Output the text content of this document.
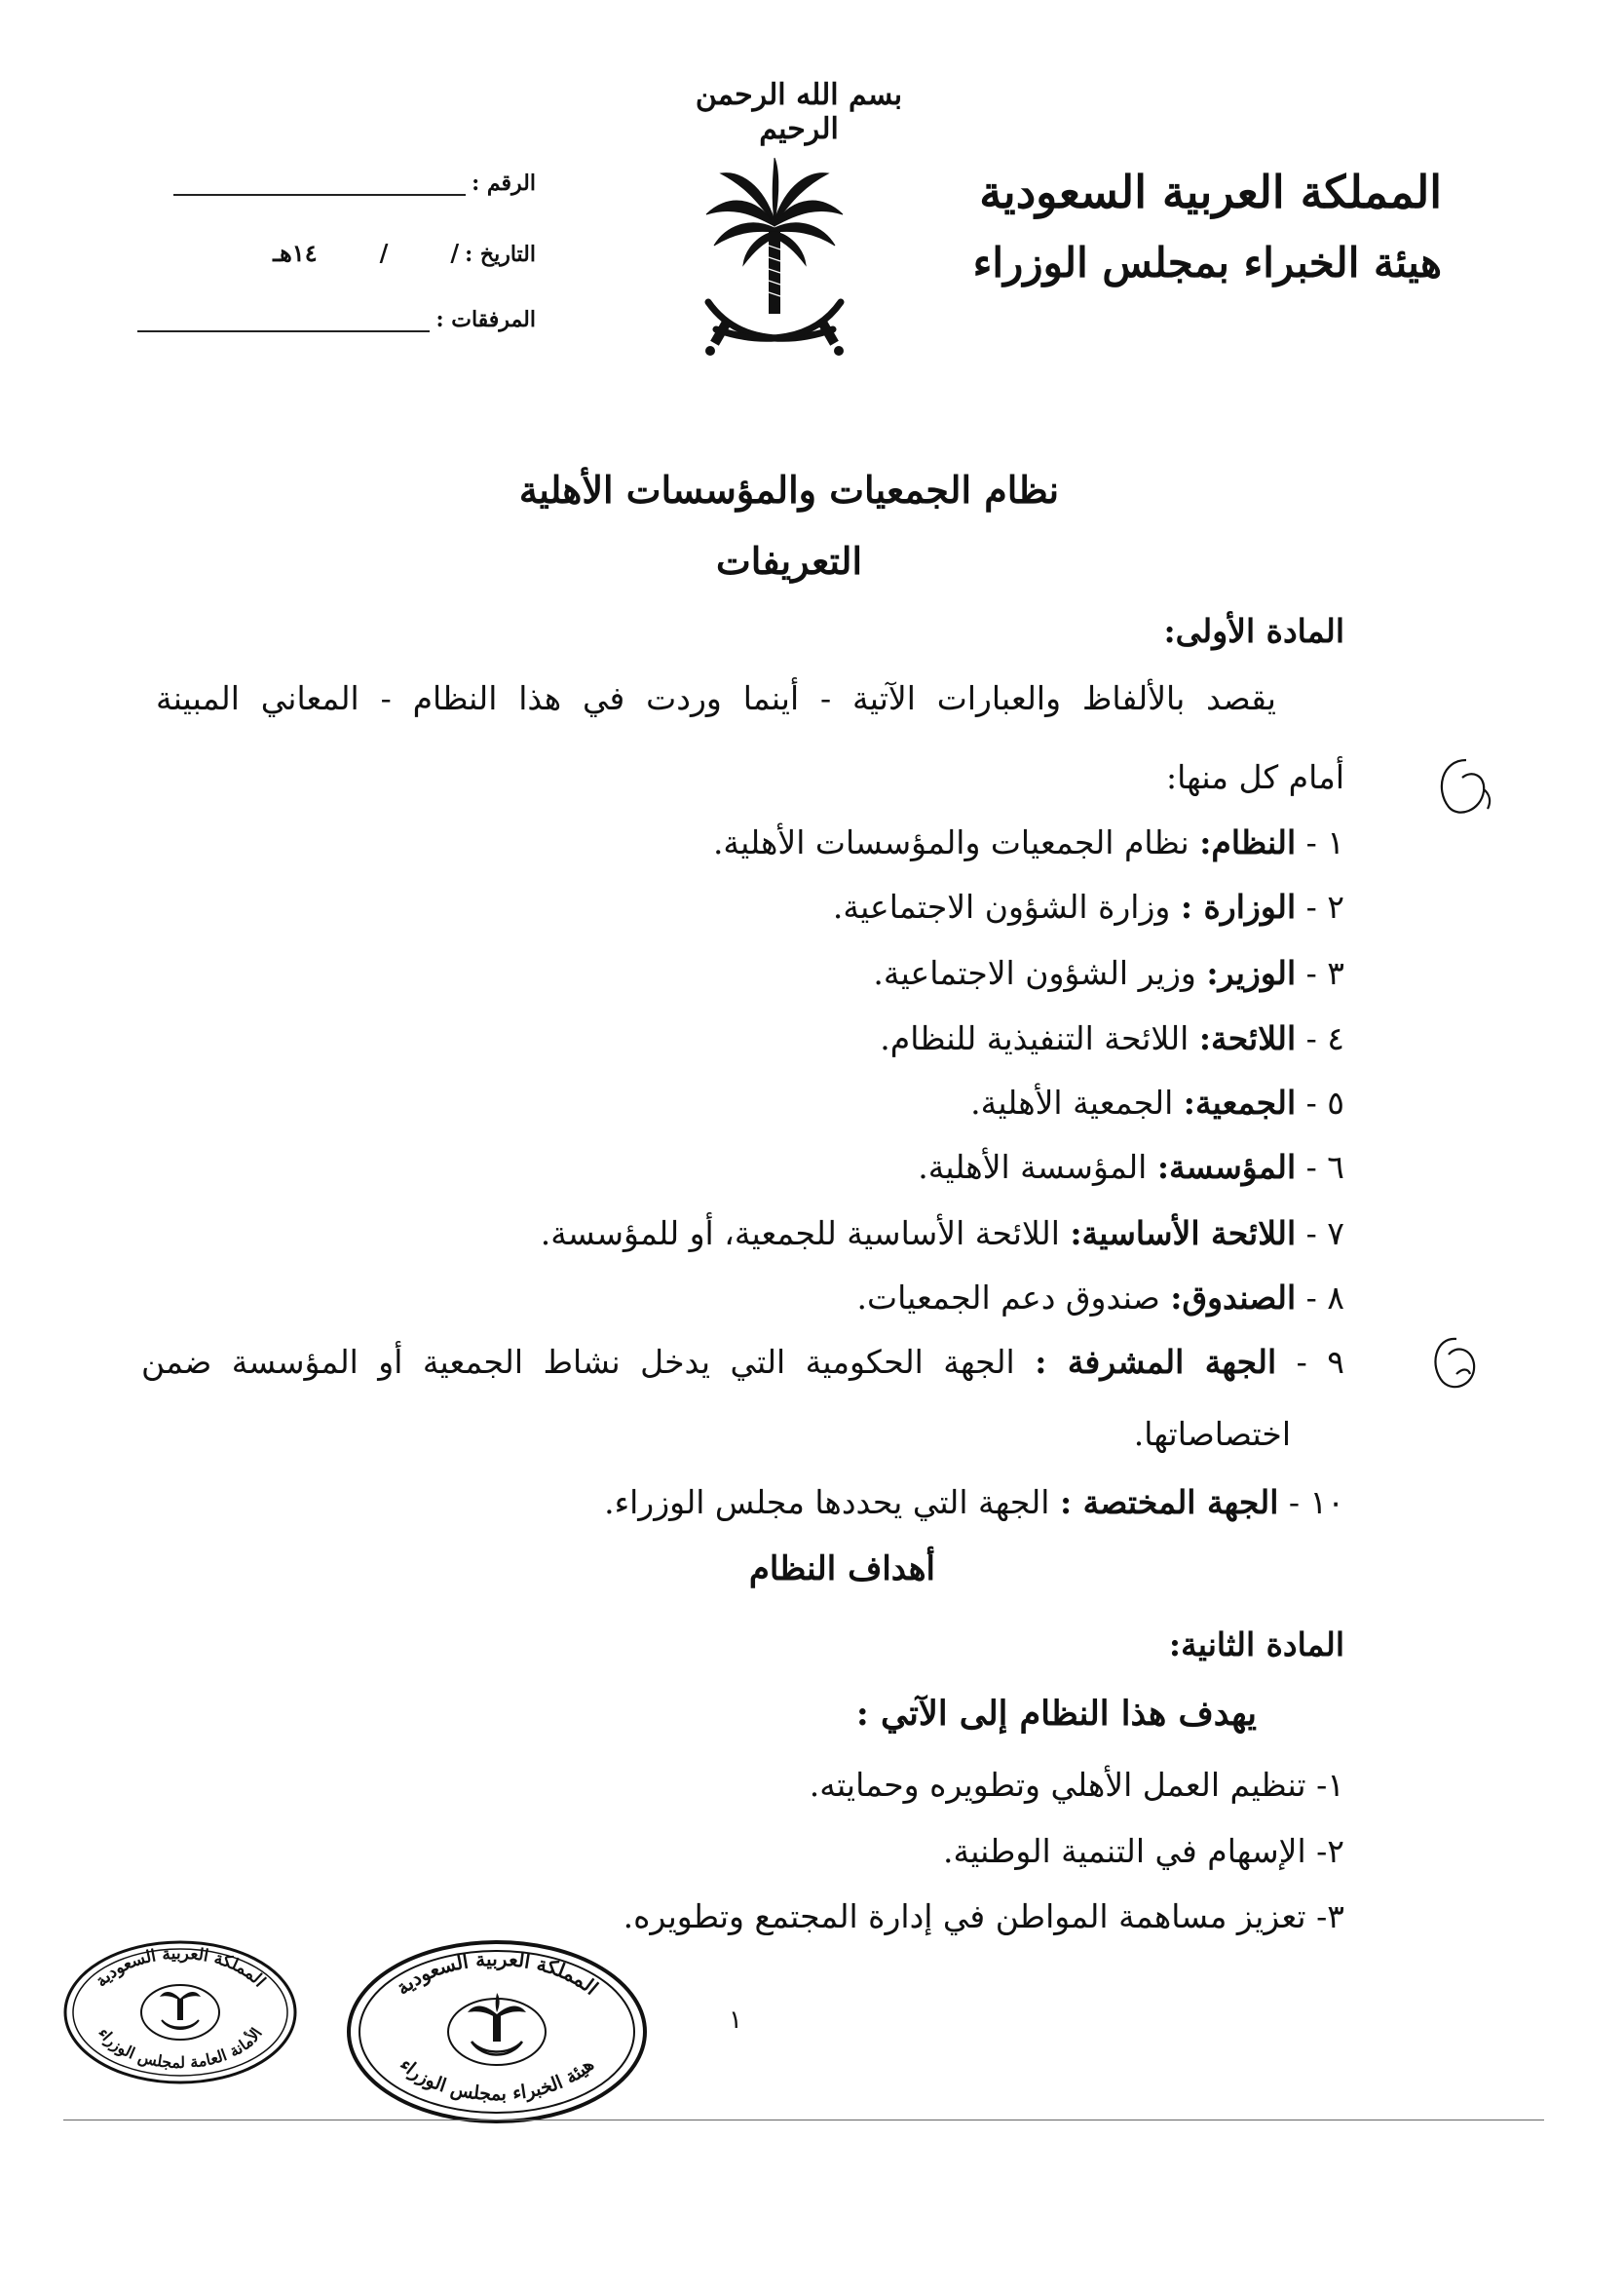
بسم الله الرحمن الرحيم
المملكة العربية السعودية
هيئة الخبراء بمجلس الوزراء
الرقم :
التاريخ :
/
/
١٤هـ
المرفقات :
نظام الجمعيات والمؤسسات الأهلية
التعريفات
المادة الأولى:
يقصد بالألفاظ والعبارات الآتية - أينما وردت في هذا النظام - المعاني المبينة
أمام كل منها:
١ - النظام: نظام الجمعيات والمؤسسات الأهلية.
٢ - الوزارة : وزارة الشؤون الاجتماعية.
٣ - الوزير: وزير الشؤون الاجتماعية.
٤ - اللائحة: اللائحة التنفيذية للنظام.
٥ - الجمعية: الجمعية الأهلية.
٦ - المؤسسة: المؤسسة الأهلية.
٧ - اللائحة الأساسية: اللائحة الأساسية للجمعية، أو للمؤسسة.
٨ - الصندوق: صندوق دعم الجمعيات.
٩ - الجهة المشرفة : الجهة الحكومية التي يدخل نشاط الجمعية أو المؤسسة ضمن
اختصاصاتها.
١٠ - الجهة المختصة : الجهة التي يحددها مجلس الوزراء.
أهداف النظام
المادة الثانية:
يهدف هذا النظام إلى الآتي :
١- تنظيم العمل الأهلي وتطويره وحمايته.
٢- الإسهام في التنمية الوطنية.
٣- تعزيز مساهمة المواطن في إدارة المجتمع وتطويره.
١
المملكة العربية السعودية
الأمانة العامة لمجلس الوزراء
المملكة العربية السعودية
هيئة الخبراء بمجلس الوزراء
